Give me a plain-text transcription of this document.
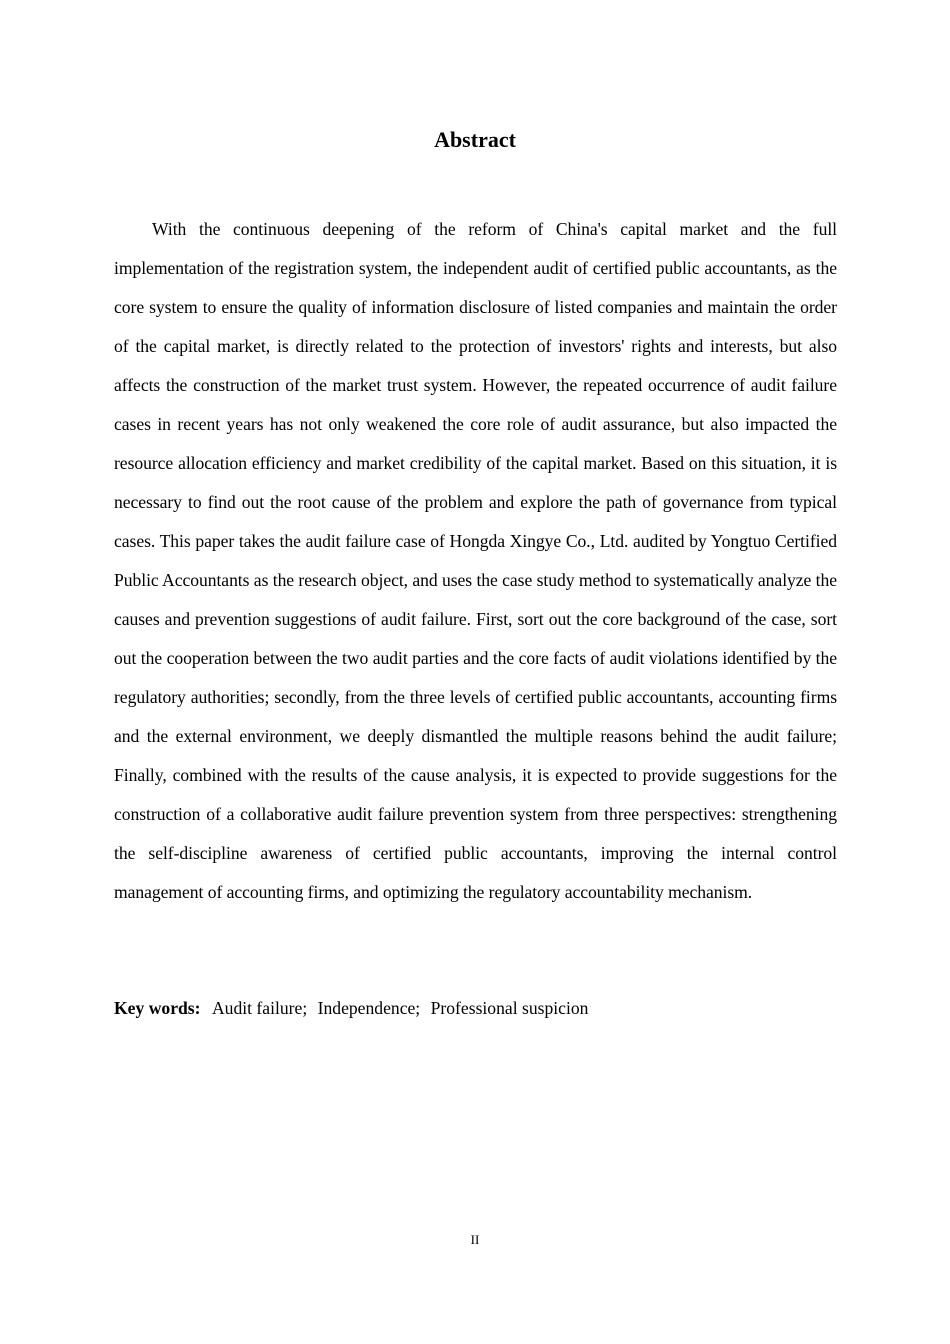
Abstract

With the continuous deepening of the reform of China's capital market and the full implementation of the registration system, the independent audit of certified public accountants, as the core system to ensure the quality of information disclosure of listed companies and maintain the order of the capital market, is directly related to the protection of investors' rights and interests, but also affects the construction of the market trust system. However, the repeated occurrence of audit failure cases in recent years has not only weakened the core role of audit assurance, but also impacted the resource allocation efficiency and market credibility of the capital market. Based on this situation, it is necessary to find out the root cause of the problem and explore the path of governance from typical cases. This paper takes the audit failure case of Hongda Xingye Co., Ltd. audited by Yongtuo Certified Public Accountants as the research object, and uses the case study method to systematically analyze the causes and prevention suggestions of audit failure. First, sort out the core background of the case, sort out the cooperation between the two audit parties and the core facts of audit violations identified by the regulatory authorities; secondly, from the three levels of certified public accountants, accounting firms and the external environment, we deeply dismantled the multiple reasons behind the audit failure; Finally, combined with the results of the cause analysis, it is expected to provide suggestions for the construction of a collaborative audit failure prevention system from three perspectives: strengthening the self-discipline awareness of certified public accountants, improving the internal control management of accounting firms, and optimizing the regulatory accountability mechanism.

Key words: Audit failure; Independence; Professional suspicion

II
